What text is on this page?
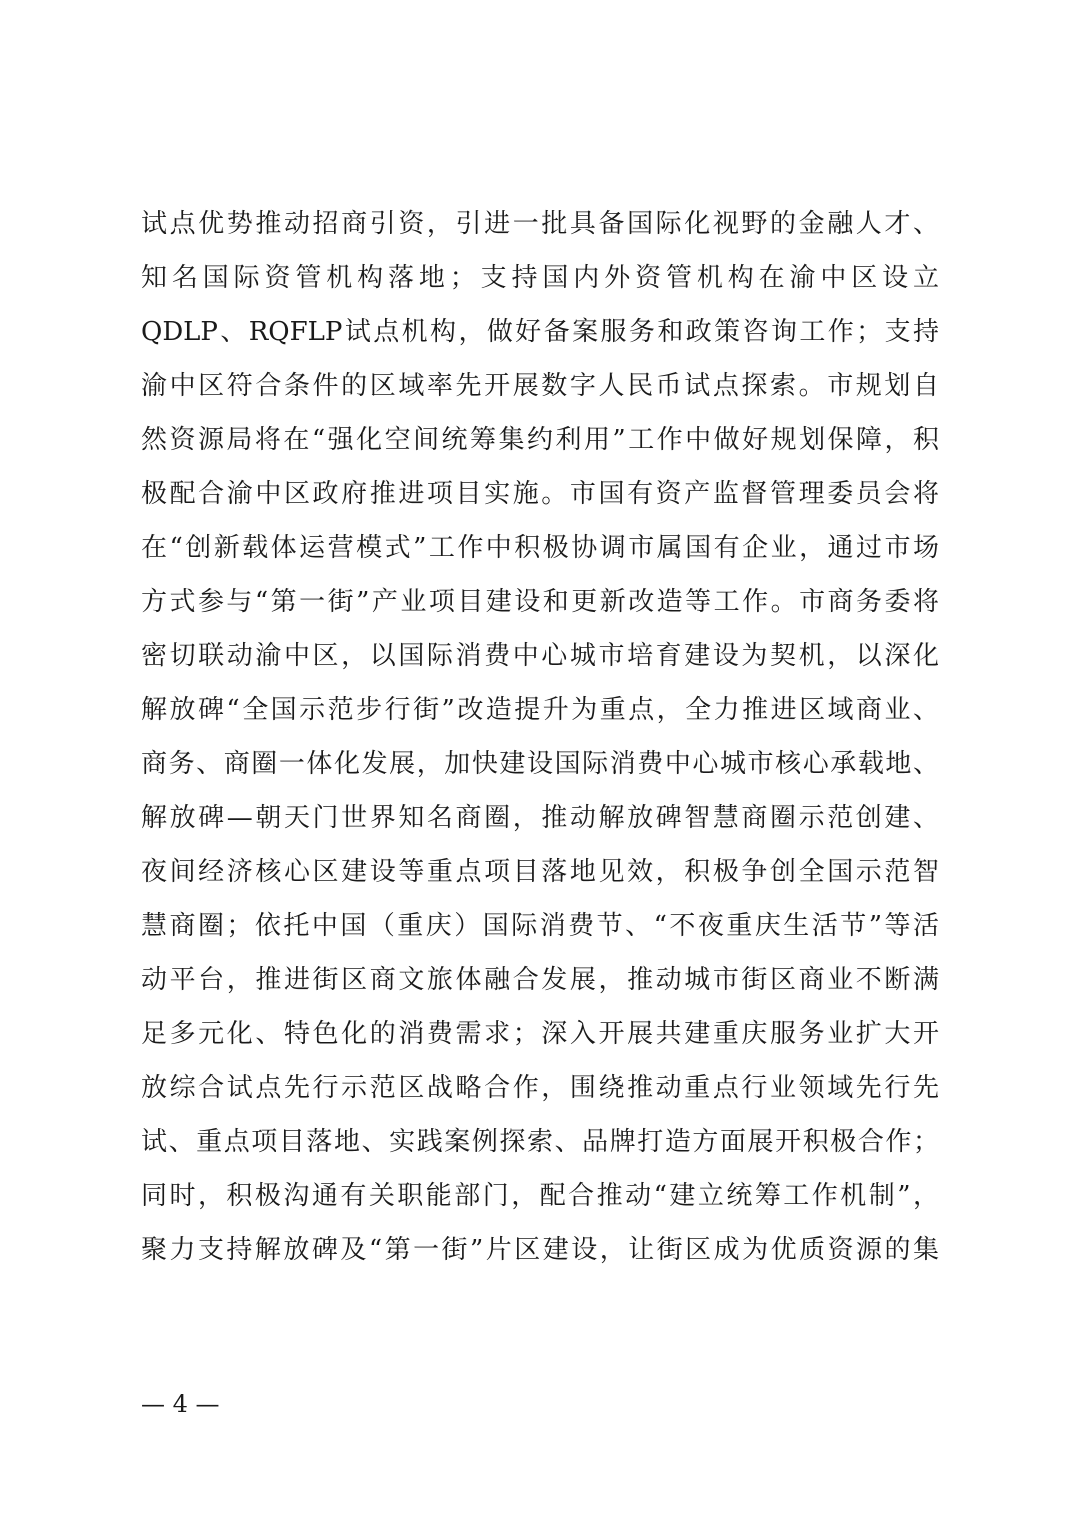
试点优势推动招商引资，引进一批具备国际化视野的金融人才、
知名国际资管机构落地；支持国内外资管机构在渝中区设立
QDLP、RQFLP试点机构，做好备案服务和政策咨询工作；支持
渝中区符合条件的区域率先开展数字人民币试点探索。市规划自
然资源局将在“强化空间统筹集约利用”工作中做好规划保障，积
极配合渝中区政府推进项目实施。市国有资产监督管理委员会将
在“创新载体运营模式”工作中积极协调市属国有企业，通过市场
方式参与“第一街”产业项目建设和更新改造等工作。市商务委将
密切联动渝中区，以国际消费中心城市培育建设为契机，以深化
解放碑“全国示范步行街”改造提升为重点，全力推进区域商业、
商务、商圈一体化发展，加快建设国际消费中心城市核心承载地、
解放碑—朝天门世界知名商圈，推动解放碑智慧商圈示范创建、
夜间经济核心区建设等重点项目落地见效，积极争创全国示范智
慧商圈；依托中国（重庆）国际消费节、“不夜重庆生活节”等活
动平台，推进街区商文旅体融合发展，推动城市街区商业不断满
足多元化、特色化的消费需求；深入开展共建重庆服务业扩大开
放综合试点先行示范区战略合作，围绕推动重点行业领域先行先
试、重点项目落地、实践案例探索、品牌打造方面展开积极合作；
同时，积极沟通有关职能部门，配合推动“建立统筹工作机制”，
聚力支持解放碑及“第一街”片区建设，让街区成为优质资源的集
— 4 —
